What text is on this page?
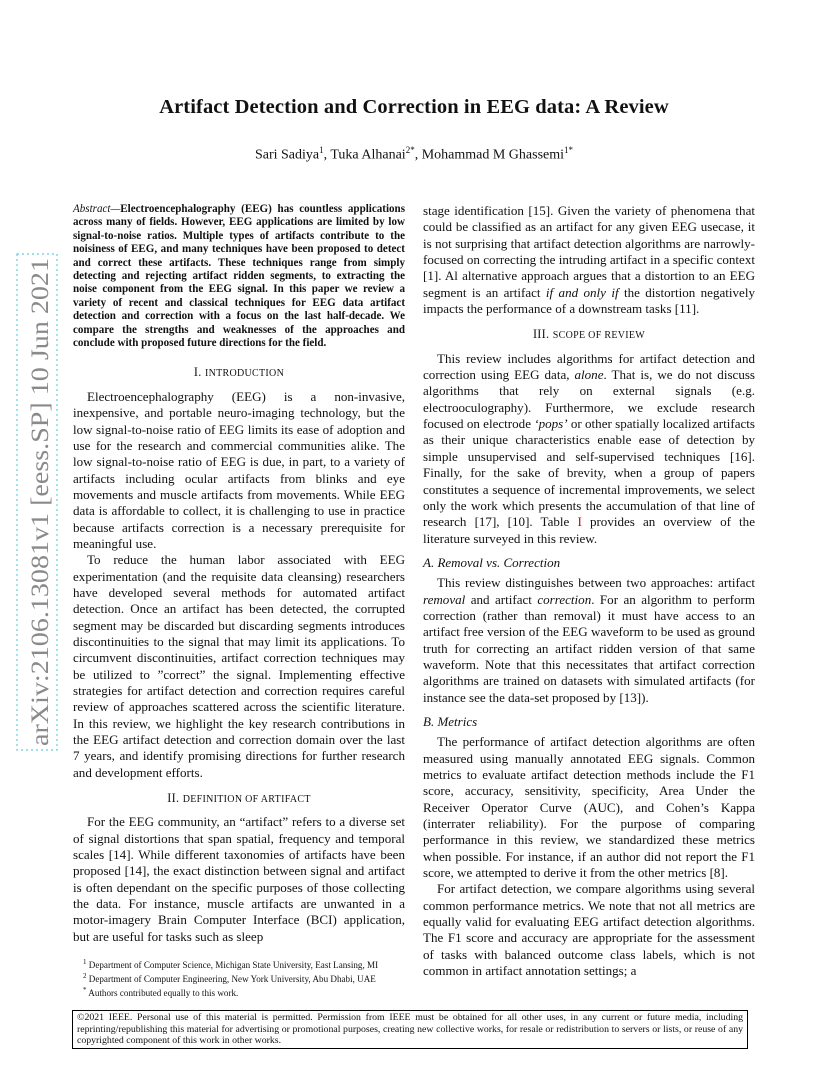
arXiv:2106.13081v1 [eess.SP] 10 Jun 2021
Artifact Detection and Correction in EEG data: A Review
Sari Sadiya$^1$, Tuka Alhanai$^{2*}$, Mohammad M Ghassemi$^{1*}$
Abstract—Electroencephalography (EEG) has countless applications across many of fields. However, EEG applications are limited by low signal-to-noise ratios. Multiple types of artifacts contribute to the noisiness of EEG, and many techniques have been proposed to detect and correct these artifacts. These techniques range from simply detecting and rejecting artifact ridden segments, to extracting the noise component from the EEG signal. In this paper we review a variety of recent and classical techniques for EEG data artifact detection and correction with a focus on the last half-decade. We compare the strengths and weaknesses of the approaches and conclude with proposed future directions for the field.
I. INTRODUCTION

Electroencephalography (EEG) is a non-invasive, inexpensive, and portable neuro-imaging technology, but the low signal-to-noise ratio of EEG limits its ease of adoption and use for the research and commercial communities alike. The low signal-to-noise ratio of EEG is due, in part, to a variety of artifacts including ocular artifacts from blinks and eye movements and muscle artifacts from movements. While EEG data is affordable to collect, it is challenging to use in practice because artifacts correction is a necessary prerequisite for meaningful use.

To reduce the human labor associated with EEG experimentation (and the requisite data cleansing) researchers have developed several methods for automated artifact detection. Once an artifact has been detected, the corrupted segment may be discarded but discarding segments introduces discontinuities to the signal that may limit its applications. To circumvent discontinuities, artifact correction techniques may be utilized to ”correct” the signal. Implementing effective strategies for artifact detection and correction requires careful review of approaches scattered across the scientific literature. In this review, we highlight the key research contributions in the EEG artifact detection and correction domain over the last 7 years, and identify promising directions for further research and development efforts.

II. DEFINITION OF ARTIFACT

For the EEG community, an “artifact” refers to a diverse set of signal distortions that span spatial, frequency and temporal scales [14]. While different taxonomies of artifacts have been proposed [14], the exact distinction between signal and artifact is often dependant on the specific purposes of those collecting the data. For instance, muscle artifacts are unwanted in a motor-imagery Brain Computer Interface (BCI) application, but are useful for tasks such as sleep

$^1$ Department of Computer Science, Michigan State University, East Lansing, MI

$^2$ Department of Computer Engineering, New York University, Abu Dhabi, UAE

* Authors contributed equally to this work.

stage identification [15]. Given the variety of phenomena that could be classified as an artifact for any given EEG usecase, it is not surprising that artifact detection algorithms are narrowly-focused on correcting the intruding artifact in a specific context [1]. Al alternative approach argues that a distortion to an EEG segment is an artifact if and only if the distortion negatively impacts the performance of a downstream tasks [11].

III. SCOPE OF REVIEW

This review includes algorithms for artifact detection and correction using EEG data, alone. That is, we do not discuss algorithms that rely on external signals (e.g. electrooculography). Furthermore, we exclude research focused on electrode ‘pops’ or other spatially localized artifacts as their unique characteristics enable ease of detection by simple unsupervised and self-supervised techniques [16]. Finally, for the sake of brevity, when a group of papers constitutes a sequence of incremental improvements, we select only the work which presents the accumulation of that line of research [17], [10]. Table I provides an overview of the literature surveyed in this review.

A. Removal vs. Correction

This review distinguishes between two approaches: artifact removal and artifact correction. For an algorithm to perform correction (rather than removal) it must have access to an artifact free version of the EEG waveform to be used as ground truth for correcting an artifact ridden version of that same waveform. Note that this necessitates that artifact correction algorithms are trained on datasets with simulated artifacts (for instance see the data-set proposed by [13]).

B. Metrics

The performance of artifact detection algorithms are often measured using manually annotated EEG signals. Common metrics to evaluate artifact detection methods include the F1 score, accuracy, sensitivity, specificity, Area Under the Receiver Operator Curve (AUC), and Cohen’s Kappa (interrater reliability). For the purpose of comparing performance in this review, we standardized these metrics when possible. For instance, if an author did not report the F1 score, we attempted to derive it from the other metrics [8].

For artifact detection, we compare algorithms using several common performance metrics. We note that not all metrics are equally valid for evaluating EEG artifact detection algorithms. The F1 score and accuracy are appropriate for the assessment of tasks with balanced outcome class labels, which is not common in artifact annotation settings; a

©2021 IEEE. Personal use of this material is permitted. Permission from IEEE must be obtained for all other uses, in any current or future media, including reprinting/republishing this material for advertising or promotional purposes, creating new collective works, for resale or redistribution to servers or lists, or reuse of any copyrighted component of this work in other works.
